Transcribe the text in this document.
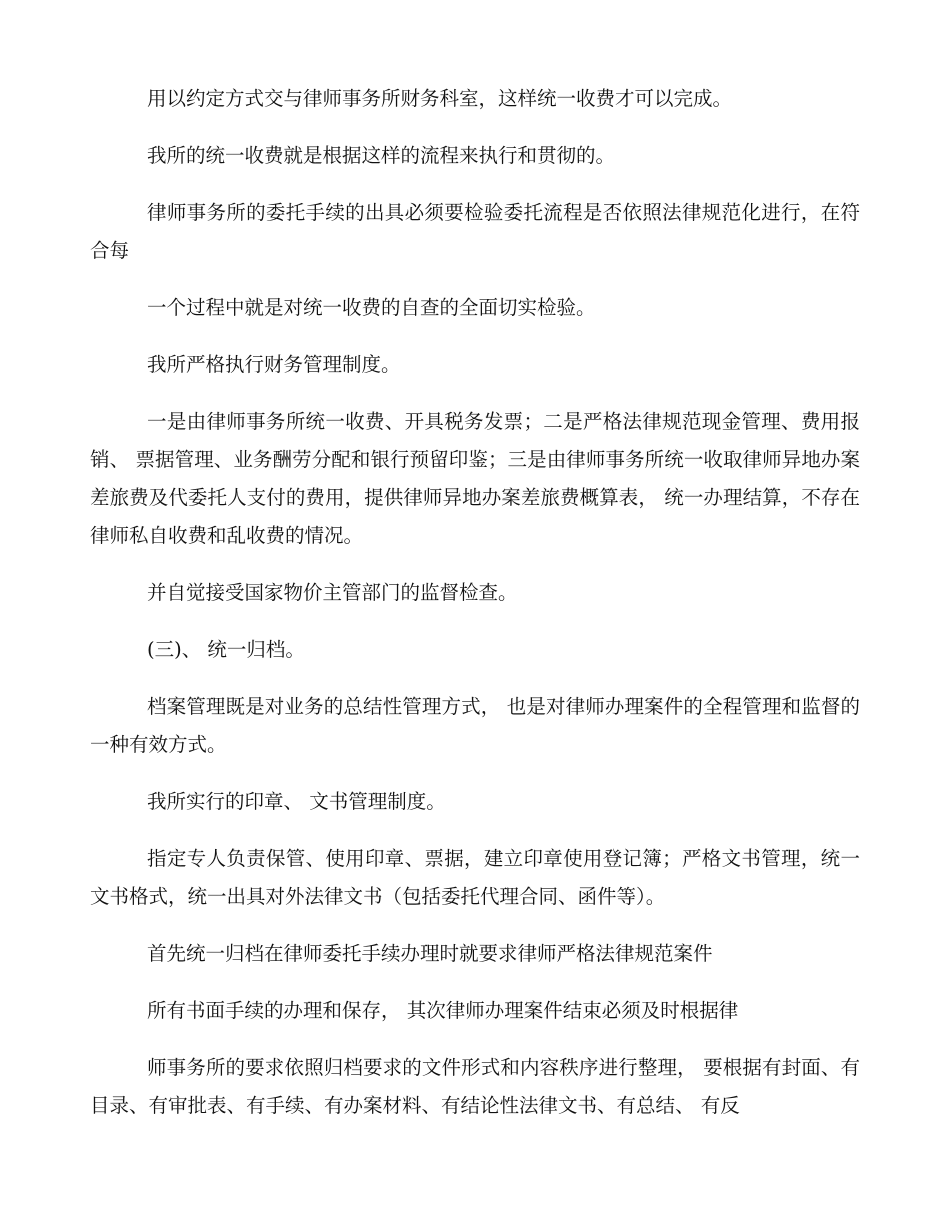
用以约定方式交与律师事务所财务科室，这样统一收费才可以完成。

我所的统一收费就是根据这样的流程来执行和贯彻的。

律师事务所的委托手续的出具必须要检验委托流程是否依照法律规范化进行，在符合每

一个过程中就是对统一收费的自查的全面切实检验。

我所严格执行财务管理制度。

一是由律师事务所统一收费、开具税务发票；二是严格法律规范现金管理、费用报销、 票据管理、业务酬劳分配和银行预留印鉴；三是由律师事务所统一收取律师异地办案差旅费及代委托人支付的费用，提供律师异地办案差旅费概算表， 统一办理结算，不存在律师私自收费和乱收费的情况。

并自觉接受国家物价主管部门的监督检查。

(三)、 统一归档。

档案管理既是对业务的总结性管理方式， 也是对律师办理案件的全程管理和监督的一种有效方式。

我所实行的印章、 文书管理制度。

指定专人负责保管、使用印章、票据，建立印章使用登记簿；严格文书管理，统一文书格式，统一出具对外法律文书（包括委托代理合同、函件等）。

首先统一归档在律师委托手续办理时就要求律师严格法律规范案件

所有书面手续的办理和保存， 其次律师办理案件结束必须及时根据律

师事务所的要求依照归档要求的文件形式和内容秩序进行整理， 要根据有封面、有目录、有审批表、有手续、有办案材料、有结论性法律文书、有总结、 有反
